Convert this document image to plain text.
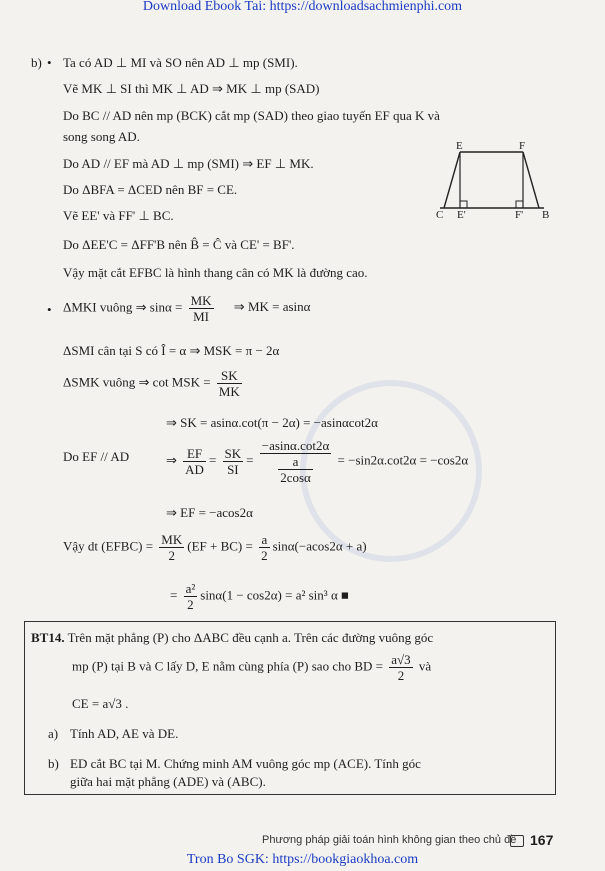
Download Ebook Tai: https://downloadsachmienphi.com
b) • Ta có AD ⊥ MI và SO nên AD ⊥ mp (SMI).
Vẽ MK ⊥ SI thì MK ⊥ AD ⇒ MK ⊥ mp (SAD)
Do BC // AD nên mp (BCK) cắt mp (SAD) theo giao tuyến EF qua K và
song song AD.
Do AD // EF mà AD ⊥ mp (SMI) ⇒ EF ⊥ MK.
Do ΔBFA = ΔCED nên BF = CE.
Vẽ EE' và FF' ⊥ BC.
Do ΔEE'C = ΔFF'B nên B̂ = Ĉ và CE' = BF'.
Vậy mặt cắt EFBC là hình thang cân có MK là đường cao.
E	F
C E'	F' B
• ΔMKI vuông ⇒ $\sin\alpha = \frac{MK}{MI}$ ⇒ MK = asinα
ΔSMI cân tại S có Î = α ⇒ MSK = π − 2α
ΔSMK vuông ⇒ cot MSK = $\frac{SK}{MK}$
⇒ SK = asinα.cot(π − 2α) = −asinαcot2α
Do EF // AD	⇒ $\frac{EF}{AD} = \frac{SK}{SI} = \frac{-asin\alpha.\cot 2\alpha}{\frac{a}{2\cos\alpha}} = -\sin 2\alpha.\cot 2\alpha = -\cos 2\alpha$
⇒ EF = −acos2α
Vậy dt (EFBC) = $\frac{MK}{2} (EF + BC) = \frac{a}{2} \sin\alpha(-acos2\alpha + a)$
= $\frac{\text{a²}}{2} \sin\alpha(1 - \cos 2\alpha) = a^2$ sin³ α ■
BT14. Trên mặt phẳng (P) cho ΔABC đều cạnh a. Trên các đường vuông góc
mp (P) tại B và C lấy D, E nằm cùng phía (P) sao cho BD = $\frac{a√3}{2}$ và
CE = a√3 .
a) Tính AD, AE và DE.
b) ED cắt BC tại M. Chứng minh AM vuông góc mp (ACE). Tính góc
giữa hai mặt phẳng (ADE) và (ABC).
Phương pháp giải toán hình không gian theo chủ đề 167
Tron Bo SGK: https://bookgiaokhoa.com
